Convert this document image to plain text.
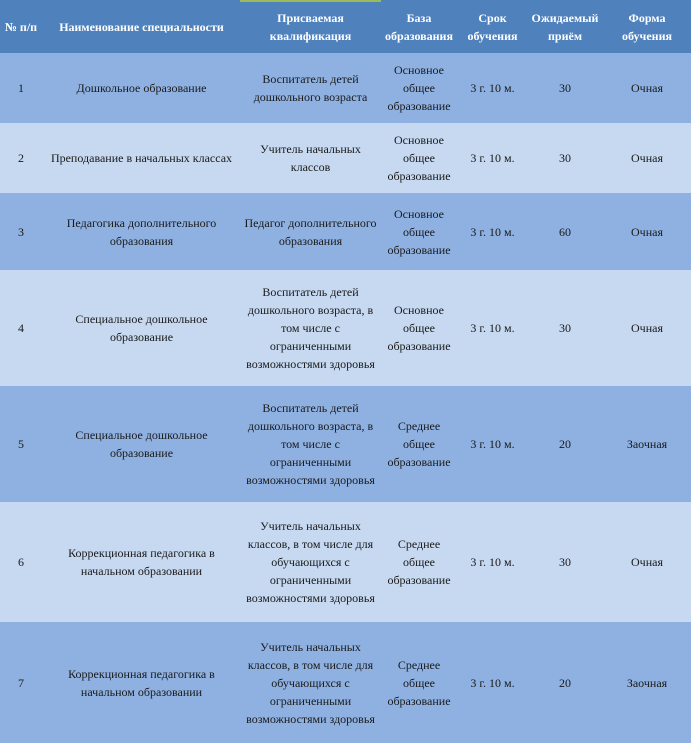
№ п/п	Наименование специальности	Присваемая квалификация	База образования	Срок обучения	Ожидаемый приём	Форма обучения
1	Дошкольное образование	Воспитатель детей дошкольного возраста	Основное общее образование	3 г. 10 м.	30	Очная
2	Преподавание в начальных классах	Учитель начальных классов	Основное общее образование	3 г. 10 м.	30	Очная
3	Педагогика дополнительного образования	Педагог дополнительного образования	Основное общее образование	3 г. 10 м.	60	Очная
4	Специальное дошкольное образование	Воспитатель детей дошкольного возраста, в том числе с ограниченными возможностями здоровья	Основное общее образование	3 г. 10 м.	30	Очная
5	Специальное дошкольное образование	Воспитатель детей дошкольного возраста, в том числе с ограниченными возможностями здоровья	Среднее общее образование	3 г. 10 м.	20	Заочная
6	Коррекционная педагогика в начальном образовании	Учитель начальных классов, в том числе для обучающихся с ограниченными возможностями здоровья	Среднее общее образование	3 г. 10 м.	30	Очная
7	Коррекционная педагогика в начальном образовании	Учитель начальных классов, в том числе для обучающихся с ограниченными возможностями здоровья	Среднее общее образование	3 г. 10 м.	20	Заочная
